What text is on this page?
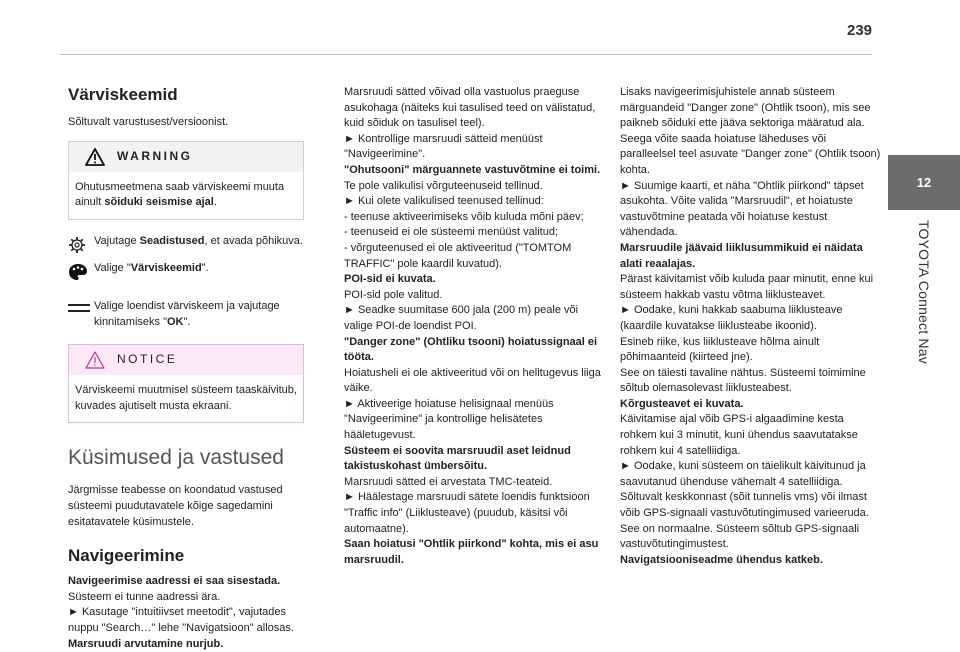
239
12
TOYOTA Connect Nav
Värviskeemid

Sõltuvalt varustusest/versioonist.

WARNING
Ohutusmeetmena saab värviskeemi muuta ainult sõiduki seismise ajal.
Vajutage Seadistused, et avada põhikuva.
Valige "Värviskeemid".
Valige loendist värviskeem ja vajutage kinnitamiseks "OK".
NOTICE
Värviskeemi muutmisel süsteem taaskäivitub, kuvades ajutiselt musta ekraani.
Küsimused ja vastused

Järgmisse teabesse on koondatud vastused süsteemi puudutavatele kõige sagedamini esitatavatele küsimustele.

Navigeerimine

Navigeerimise aadressi ei saa sisestada.

Süsteem ei tunne aadressi ära.

► Kasutage "intuitiivset meetodit", vajutades nuppu "Search…" lehe "Navigatsioon" allosas.

Marsruudi arvutamine nurjub.

Marsruudi sätted võivad olla vastuolus praeguse asukohaga (näiteks kui tasulised teed on välistatud, kuid sõiduk on tasulisel teel).

► Kontrollige marsruudi sätteid menüüst "Navigeerimine".

"Ohutsooni" märguannete vastuvõtmine ei toimi.

Te pole valikulisi võrguteenuseid tellinud.

► Kui olete valikulised teenused tellinud:

- teenuse aktiveerimiseks võib kuluda mõni päev;

- teenuseid ei ole süsteemi menüüst valitud;

- võrguteenused ei ole aktiveeritud ("TOMTOM TRAFFIC" pole kaardil kuvatud).

POI-sid ei kuvata.

POI-sid pole valitud.

► Seadke suumitase 600 jala (200 m) peale või valige POI-de loendist POI.

"Danger zone" (Ohtliku tsooni) hoiatussignaal ei tööta.

Hoiatusheli ei ole aktiveeritud või on helitugevus liiga väike.

► Aktiveerige hoiatuse helisignaal menüüs "Navigeerimine" ja kontrollige helisätetes hääletugevust.

Süsteem ei soovita marsruudil aset leidnud takistuskohast ümbersõitu.

Marsruudi sätted ei arvestata TMC-teateid.

► Häälestage marsruudi sätete loendis funktsioon "Traffic info" (Liiklusteave) (puudub, käsitsi või automaatne).

Saan hoiatusi "Ohtlik piirkond" kohta, mis ei asu marsruudil.

Lisaks navigeerimisjuhistele annab süsteem märguandeid "Danger zone" (Ohtlik tsoon), mis see paikneb sõiduki ette jääva sektoriga määratud ala. Seega võite saada hoiatuse läheduses või paralleelsel teel asuvate "Danger zone" (Ohtlik tsoon) kohta.

► Suumige kaarti, et näha "Ohtlik piirkond" täpset asukohta. Võite valida "Marsruudil", et hoiatuste vastuvõtmine peatada või hoiatuse kestust vähendada.

Marsruudile jäävaid liiklusummikuid ei näidata alati reaalajas.

Pärast käivitamist võib kuluda paar minutit, enne kui süsteem hakkab vastu võtma liiklusteavet.

► Oodake, kuni hakkab saabuma liiklusteave (kaardile kuvatakse liiklusteabe ikoonid).

Esineb riike, kus liiklusteave hõlma ainult põhimaanteid (kiirteed jne).

See on täiesti tavaline nähtus. Süsteemi toimimine sõltub olemasolevast liiklusteabest.

Kõrgusteavet ei kuvata.

Käivitamise ajal võib GPS-i algaadimine kesta rohkem kui 3 minutit, kuni ühendus saavutatakse rohkem kui 4 satelliidiga.

► Oodake, kuni süsteem on täielikult käivitunud ja saavutanud ühenduse vähemalt 4 satelliidiga.

Sõltuvalt keskkonnast (sõit tunnelis vms) või ilmast võib GPS-signaali vastuvõtutingimused varieeruda.

See on normaalne. Süsteem sõltub GPS-signaali vastuvõtutingimustest.

Navigatsiooniseadme ühendus katkeb.
